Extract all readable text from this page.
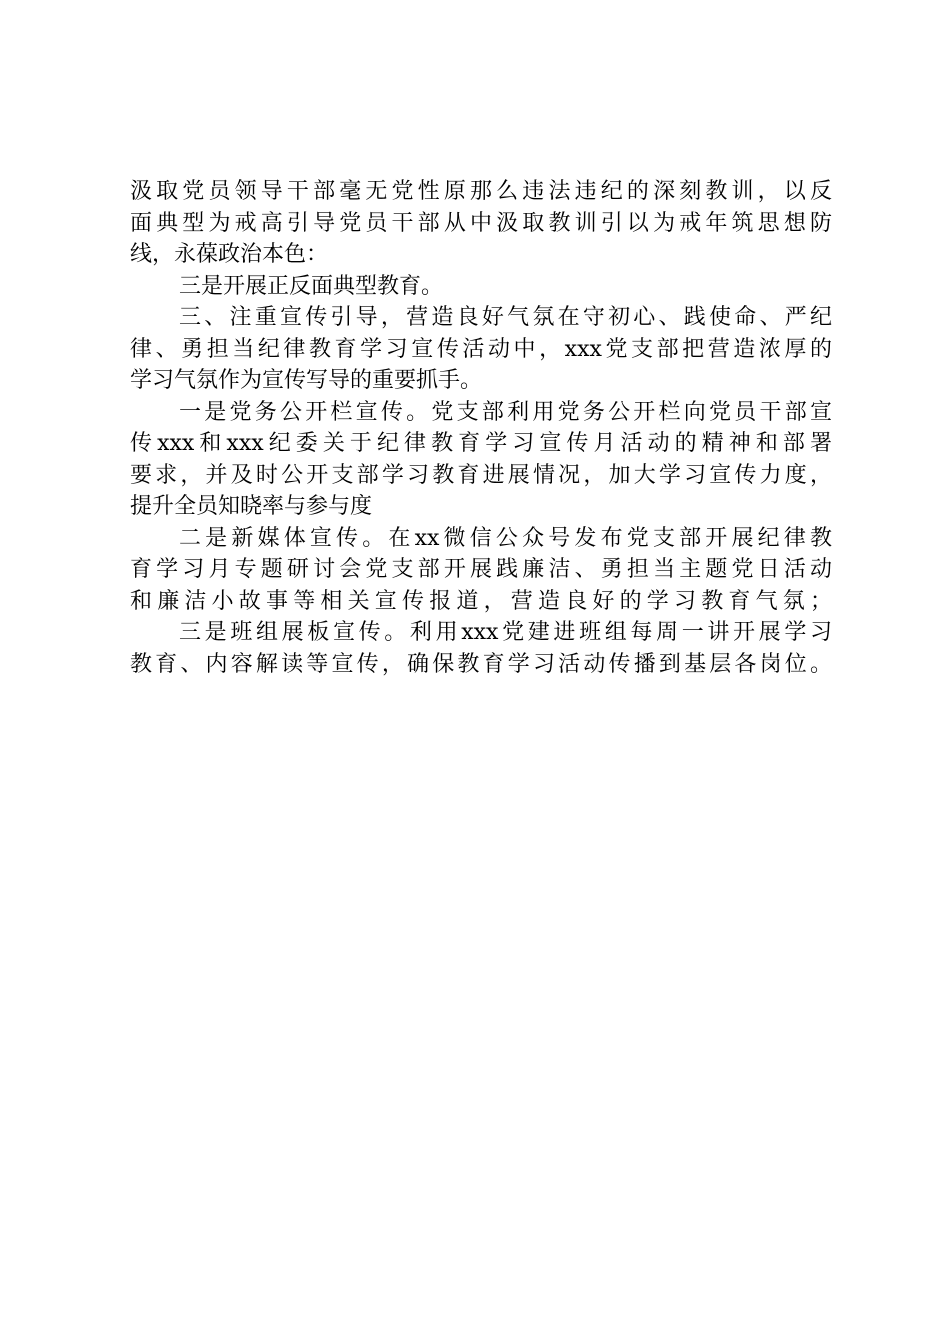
汲取党员领导干部毫无党性原那么违法违纪的深刻教训，以反
面典型为戒高引导党员干部从中汲取教训引以为戒年筑思想防
线，永葆政治本色：
三是开展正反面典型教育。
三、注重宣传引导，营造良好气氛在守初心、践使命、严纪
律、勇担当纪律教育学习宣传活动中，xxx党支部把营造浓厚的
学习气氛作为宣传写导的重要抓手。
一是党务公开栏宣传。党支部利用党务公开栏向党员干部宣
传xxx和xxx纪委关于纪律教育学习宣传月活动的精神和部署
要求，并及时公开支部学习教育进展情况，加大学习宣传力度，
提升全员知晓率与参与度
二是新媒体宣传。在xx微信公众号发布党支部开展纪律教
育学习月专题研讨会党支部开展践廉洁、勇担当主题党日活动
和廉洁小故事等相关宣传报道，营造良好的学习教育气氛；
三是班组展板宣传。利用xxx党建进班组每周一讲开展学习
教育、内容解读等宣传，确保教育学习活动传播到基层各岗位。
